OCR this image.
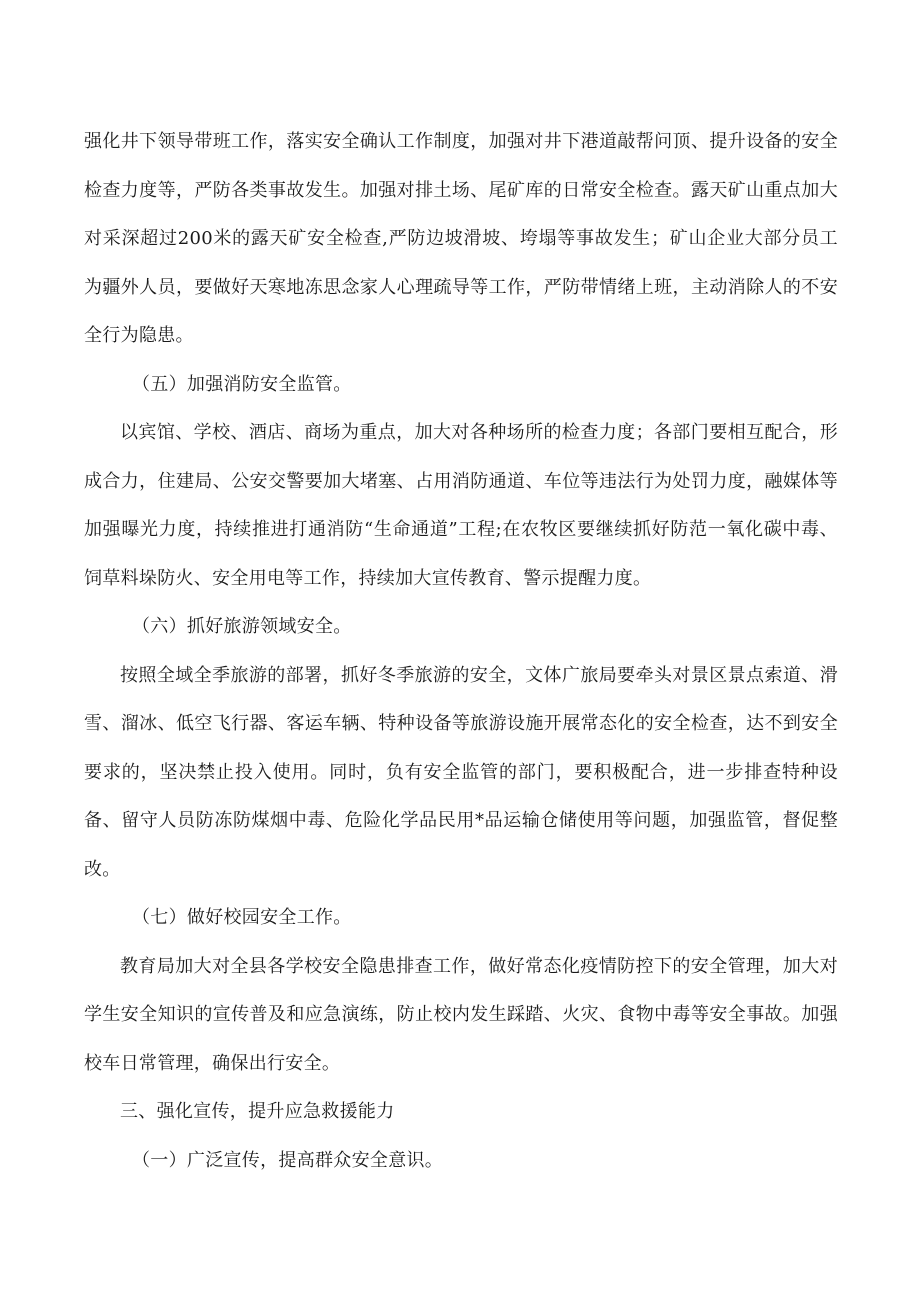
强化井下领导带班工作，落实安全确认工作制度，加强对井下港道敲帮问顶、提升设备的安全检查力度等，严防各类事故发生。加强对排土场、尾矿库的日常安全检查。露天矿山重点加大对采深超过200米的露天矿安全检查,严防边坡滑坡、垮塌等事故发生；矿山企业大部分员工为疆外人员，要做好天寒地冻思念家人心理疏导等工作，严防带情绪上班，主动消除人的不安全行为隐患。

（五）加强消防安全监管。

以宾馆、学校、酒店、商场为重点，加大对各种场所的检查力度；各部门要相互配合，形成合力，住建局、公安交警要加大堵塞、占用消防通道、车位等违法行为处罚力度，融媒体等加强曝光力度，持续推进打通消防“生命通道”工程;在农牧区要继续抓好防范一氧化碳中毒、饲草料垛防火、安全用电等工作，持续加大宣传教育、警示提醒力度。

（六）抓好旅游领域安全。

按照全域全季旅游的部署，抓好冬季旅游的安全，文体广旅局要牵头对景区景点索道、滑雪、溜冰、低空飞行器、客运车辆、特种设备等旅游设施开展常态化的安全检查，达不到安全要求的，坚决禁止投入使用。同时，负有安全监管的部门，要积极配合，进一步排查特种设备、留守人员防冻防煤烟中毒、危险化学品民用*品运输仓储使用等问题，加强监管，督促整改。

（七）做好校园安全工作。

教育局加大对全县各学校安全隐患排查工作，做好常态化疫情防控下的安全管理，加大对学生安全知识的宣传普及和应急演练，防止校内发生踩踏、火灾、食物中毒等安全事故。加强校车日常管理，确保出行安全。

三、强化宣传，提升应急救援能力

（一）广泛宣传，提高群众安全意识。
